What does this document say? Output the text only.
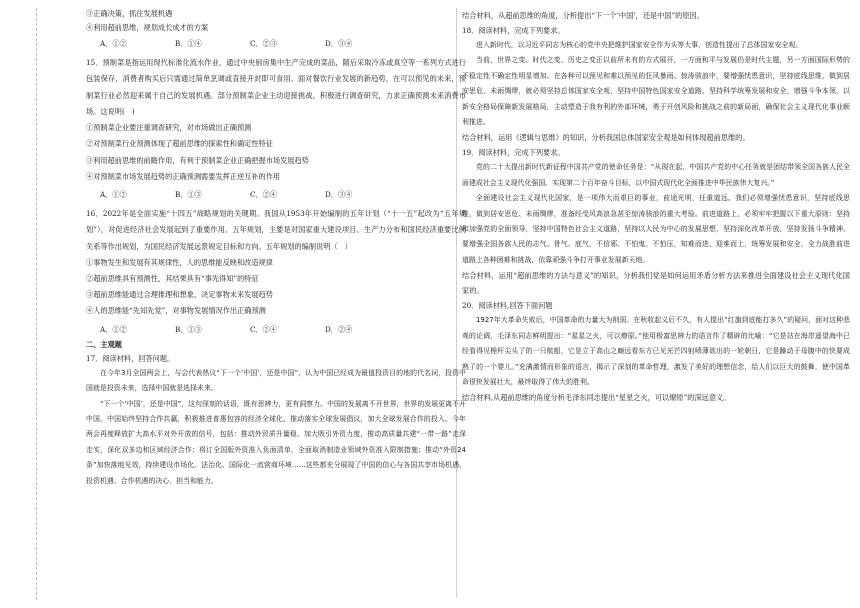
③正确决策，抓住发展机遇
④利用超前思维，规划成长成才的方案
A．①②	B．①④	C．②③	D．③④
15．预制菜是指运用现代标准化流水作业，通过中央厨房集中生产完成的菜品，随后采取冷冻或真空等一系列方式进行包装保存，消费者购买后只需通过简单烹调或直接开封即可食用。面对餐饮行业发展的新趋势，在可以预见的未来，预制菜行业必然迎来属于自己的发展机遇。部分预制菜企业主动迎接挑战，积极进行调查研究，力求正确预测未来消费市场。这说明(　)
①预制菜企业要注重调查研究，对市场做出正确预测
②对预制菜行业预测体现了超前思维的探索性和确定性特征
③利用超前思维的前瞻作用，有利于预制菜企业正确把握市场发展趋势
④对预制菜市场发展趋势的正确预测需要发挥正逆互补的作用
A．①②	B．①③	C．②④	D．③④
16．2022年是全面实施“十四五”战略规划的关键期。我国从1953年开始编制的五年计划（“十一五”起改为“五年规划”），对促进经济社会发展起到了重要作用。五年规划，主要是对国家重大建设项目、生产力分布和国民经济重要比例关系等作出规划，为国民经济发展远景规定目标和方向。五年规划的编制说明（　）
①事物发生和发展有其规律性，人的思维能反映和改造规律
②超前思维具有预测性，其结果具有“事先得知”的特征
③超前思维能通过合理推理和想象，决定事物未来发展趋势
④人的思维能“先知先觉”，对事物发展情况作出正确预测
A．①②	B．①③	C．②④	D．②④
二、主观题
17．阅读材料，回答问题。
在今年3月全国两会上，与会代表热议“下一个‘中国’，还是中国”，认为中国已经成为最值投资目的地的代名词，投资中国就是投资未来，选择中国就是选择未来。
“下一个‘中国’，还是中国”，这句深刻的话语，既有思辨力，更有洞察力。中国的发展离不开世界，世界的发展更离不开中国。中国始终坚持合作共赢，积极推进普惠包容的经济全球化，推动落实全球发展倡议，加大全球发展合作的投入。今年两会再度释放扩大高水平对外开放的信号，包括：推动外贸质升量稳，加大吸引外资力度，推动高质量共建“一带一路”走深走实，深化双多边和区域经济合作；将订全国版外资准入负面清单，全面取消制造业领域外资准入限制措施；推动“外资24条”加快落地见效，持续建设市场化、法治化、国际化一流营商环境……这些都充分展现了中国的信心与各国共享市场机遇、投资机遇、合作机遇的决心、担当和能力。
结合材料，从超前思维的角度，分析提出“下一个‘中国’，还是中国”的原因。
18．阅读材料，完成下列要求。
进入新时代，以习近平同志为核心的党中央把维护国家安全作为头等大事，创造性提出了总体国家安全观。
当前，世界之变、时代之变、历史之变正以前所未有的方式展开，一方面和平与发展仍是时代主题，另一方面国际形势的不稳定性不确定性明显增加。在各种可以预见和难以预见的狂风暴雨、惊涛骇浪中，要增强忧患意识，坚持底线思维，做到居安思危、未雨绸缪，就必须坚持总体国家安全观，坚持中国特色国家安全道路，坚持科学统筹发展和安全，增强斗争本领，以新安全格局保障新发展格局，主动塑造于我有利的外部环境，勇于开创风险和挑战之前的新局面，确保社会主义现代化事业顺利推进。
结合材料，运用《逻辑与思维》的知识，分析我国总体国家安全观是如何体现超前思维的。
19．阅读材料，完成下列要求。
党的二十大提出新时代新征程中国共产党的使命任务是：“从现在起，中国共产党的中心任务就是团结带领全国各族人民全面建成社会主义现代化强国、实现第二个百年奋斗目标，以中国式现代化全面推进中华民族伟大复兴。”
全面建设社会主义现代化国家，是一项伟大而艰巨的事业，前途光明，任重道远。我们必须增强忧患意识，坚持底线思维，做到居安思危、未雨绸缪，准备经受风高浪急甚至惊涛骇浪的重大考验。前进道路上，必须牢牢把握以下重大原则：坚持和加强党的全面领导，坚持中国特色社会主义道路，坚持以人民为中心的发展思想，坚持深化改革开放，坚持发扬斗争精神。要增强全国各族人民的志气、骨气、底气，不信邪、不怕鬼、不怕压，知难而进、迎难而上，统筹发展和安全，全力战胜前进道路上各种困难和挑战，依靠顽强斗争打开事业发展新天地。
结合材料，运用“超前思维的方法与意义”的知识，分析我们党是如何运用矛盾分析方法来推进全面建设社会主义现代化国家的。
20．阅读材料,回答下面问题
1927年大革命失败后，中国革命的力量大为削弱。在秋收起义后不久，有人提出“红旗到底能打多久”的疑问，面对这种悲观的论调，毛泽东同志鲜明提出：“星星之火，可以燎原。”他用极富思辨力的语言作了精辟的比喻：“它是站在海岸遥望海中已经看得见桅杆尖头了的一只航船，它是立于高山之巅远看东方已见光芒四射喷薄欲出的一轮朝日，它是躁动于母腹中的快要成熟了的一个婴儿。”充满激情而形象的语言，揭示了深刻的革命哲理，激发了美好的理想信念，给人们以巨大的鼓舞，使中国革命很快发展壮大，最终取得了伟大的胜利。
结合材料,从超前思维的角度分析毛泽东同志提出“星星之火，可以燎原”的深远意义。
